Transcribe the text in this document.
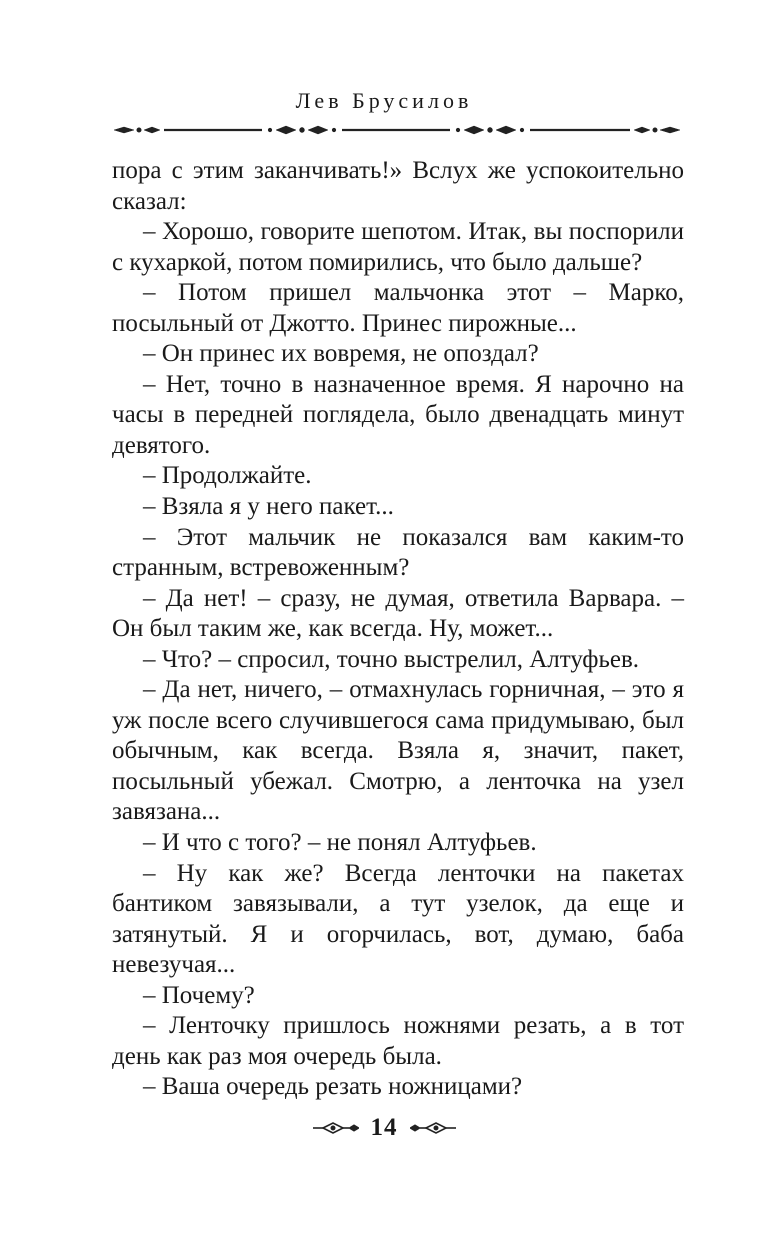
Лев Брусилов

пора с этим заканчивать!» Вслух же успокоительно сказал:

– Хорошо, говорите шепотом. Итак, вы поспорили с кухаркой, потом помирились, что было дальше?

– Потом пришел мальчонка этот – Марко, посыльный от Джотто. Принес пирожные...

– Он принес их вовремя, не опоздал?

– Нет, точно в назначенное время. Я нарочно на часы в передней поглядела, было двенадцать минут девятого.

– Продолжайте.

– Взяла я у него пакет...

– Этот мальчик не показался вам каким-то странным, встревоженным?

– Да нет! – сразу, не думая, ответила Варвара. – Он был таким же, как всегда. Ну, может...

– Что? – спросил, точно выстрелил, Алтуфьев.

– Да нет, ничего, – отмахнулась горничная, – это я уж после всего случившегося сама придумываю, был обычным, как всегда. Взяла я, значит, пакет, посыльный убежал. Смотрю, а ленточка на узел завязана...

– И что с того? – не понял Алтуфьев.

– Ну как же? Всегда ленточки на пакетах бантиком завязывали, а тут узелок, да еще и затянутый. Я и огорчилась, вот, думаю, баба невезучая...

– Почему?

– Ленточку пришлось ножнями резать, а в тот день как раз моя очередь была.

– Ваша очередь резать ножницами?

14
